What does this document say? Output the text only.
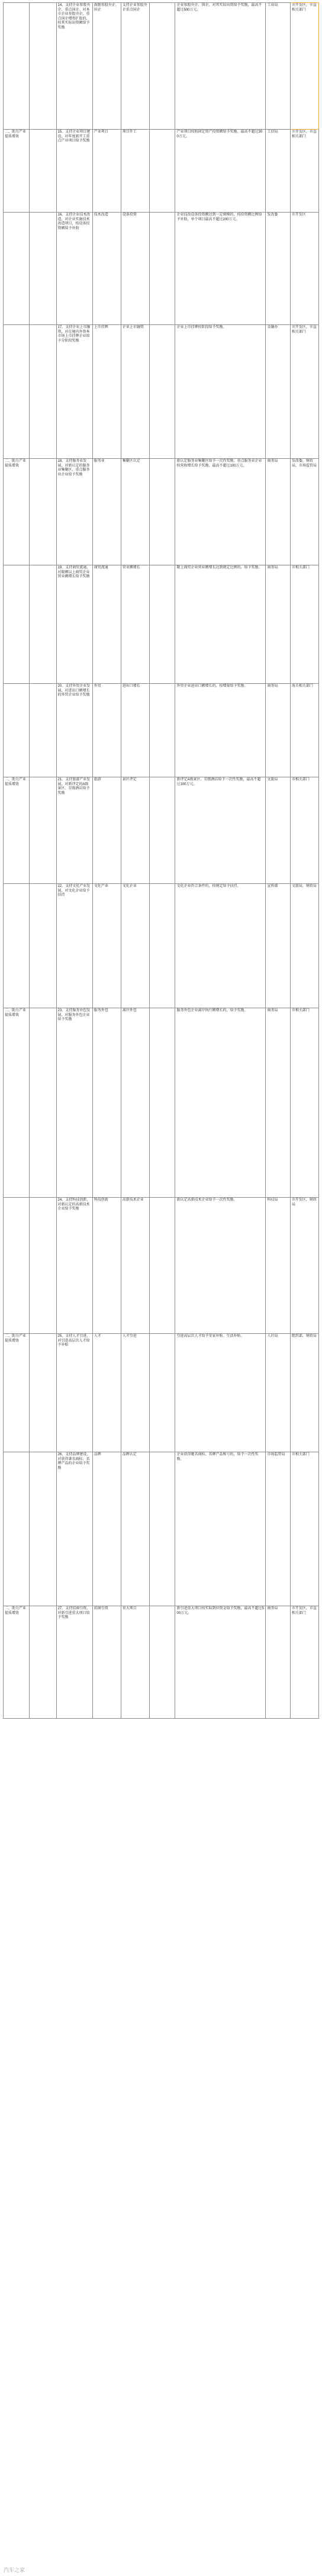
		14、支持企业参股央企、重点国企。对本市企业参股央企、重点国企增资扩股的，按其实际出资额给予奖励	鼓励参股央企、国企	支持企业参股央企重点国企		企业参股央企、国企，对其实际出资给予奖励，最高不超过500万元。	工业局	市开发区，市直相关部门
二、助力产业提质增效		15、支持企业项目建设，对年度新开工重点产业项目给予奖励	产业项目	项目开工		产业项目按照固定资产投资额给予奖励，最高不超过300万元。	工信局	市开发区，市直相关部门
		16、支持企业技术改造，对企业实施技术改造项目，按设备投资额给予补助	技术改造	设备投资		企业技改设备投资额达到一定规模的，按投资额比例给予补助，单个项目最高不超过200万元。	发改委	市开发区
		17、支持企业上市融资，对在境内外资本市场上市挂牌企业给予分阶段奖励	上市挂牌	企业上市融资		企业上市挂牌按阶段给予奖励。	金融办	市开发区，市直相关部门
二、助力产业提质增效		18、支持服务业发展，对新认定的服务业集聚区、重点服务业企业给予奖励	服务业	集聚区认定		新认定服务业集聚区给予一次性奖励；重点服务业企业按营收增长给予奖励，最高不超过100万元。	商务局	发改委，财政局，市场监管局
		19、支持商贸流通，对限额以上商贸企业营业额增长给予奖励	商贸流通	营业额增长		限上商贸企业营业额增长达到规定比例的，给予奖励。	商务局	市相关部门
		20、支持外贸企业发展，对进出口额增长的外贸企业给予奖励	外贸	进出口增长		外贸企业进出口额增长的，按增量给予奖励。	商务局	海关相关部门
二、助力产业提质增效		21、支持旅游产业发展，对新评定的A级景区、星级酒店给予奖励	旅游	景区评定		新评定A级景区、星级酒店给予一次性奖励，最高不超过100万元。	文旅局	市相关部门
		22、支持文化产业发展，对文化企业给予扶持	文化产业	文化企业		文化企业符合条件的，按规定给予扶持。	宣传部	文旅局，财政局
二、助力产业提质增效		23、支持服务外包发展，对服务外包企业给予奖励	服务外包	离岸外包		服务外包企业离岸执行额增长的，给予奖励。	商务局	市相关部门
		24、支持科技创新，对新认定的高新技术企业给予奖励	科技创新	高新技术企业		新认定高新技术企业给予一次性奖励。	科技局	市开发区，财政局
二、助力产业提质增效		25、支持人才引进，对引进高层次人才给予补贴	人才	人才引进		引进高层次人才给予安家补贴、生活补贴。	人社局	组织部，财政局
		26、支持品牌建设，对获得著名商标、名牌产品的企业给予奖励	品牌	品牌认定		企业获得驰名商标、名牌产品称号的，给予一次性奖励。	市场监管局	市相关部门
二、助力产业提质增效		27、支持招商引资，对新引进重大项目给予奖励	招商引资	重大项目		新引进重大项目按实际到位资金给予奖励，最高不超过500万元。	商务局	市开发区，市直相关部门
汽车之家
